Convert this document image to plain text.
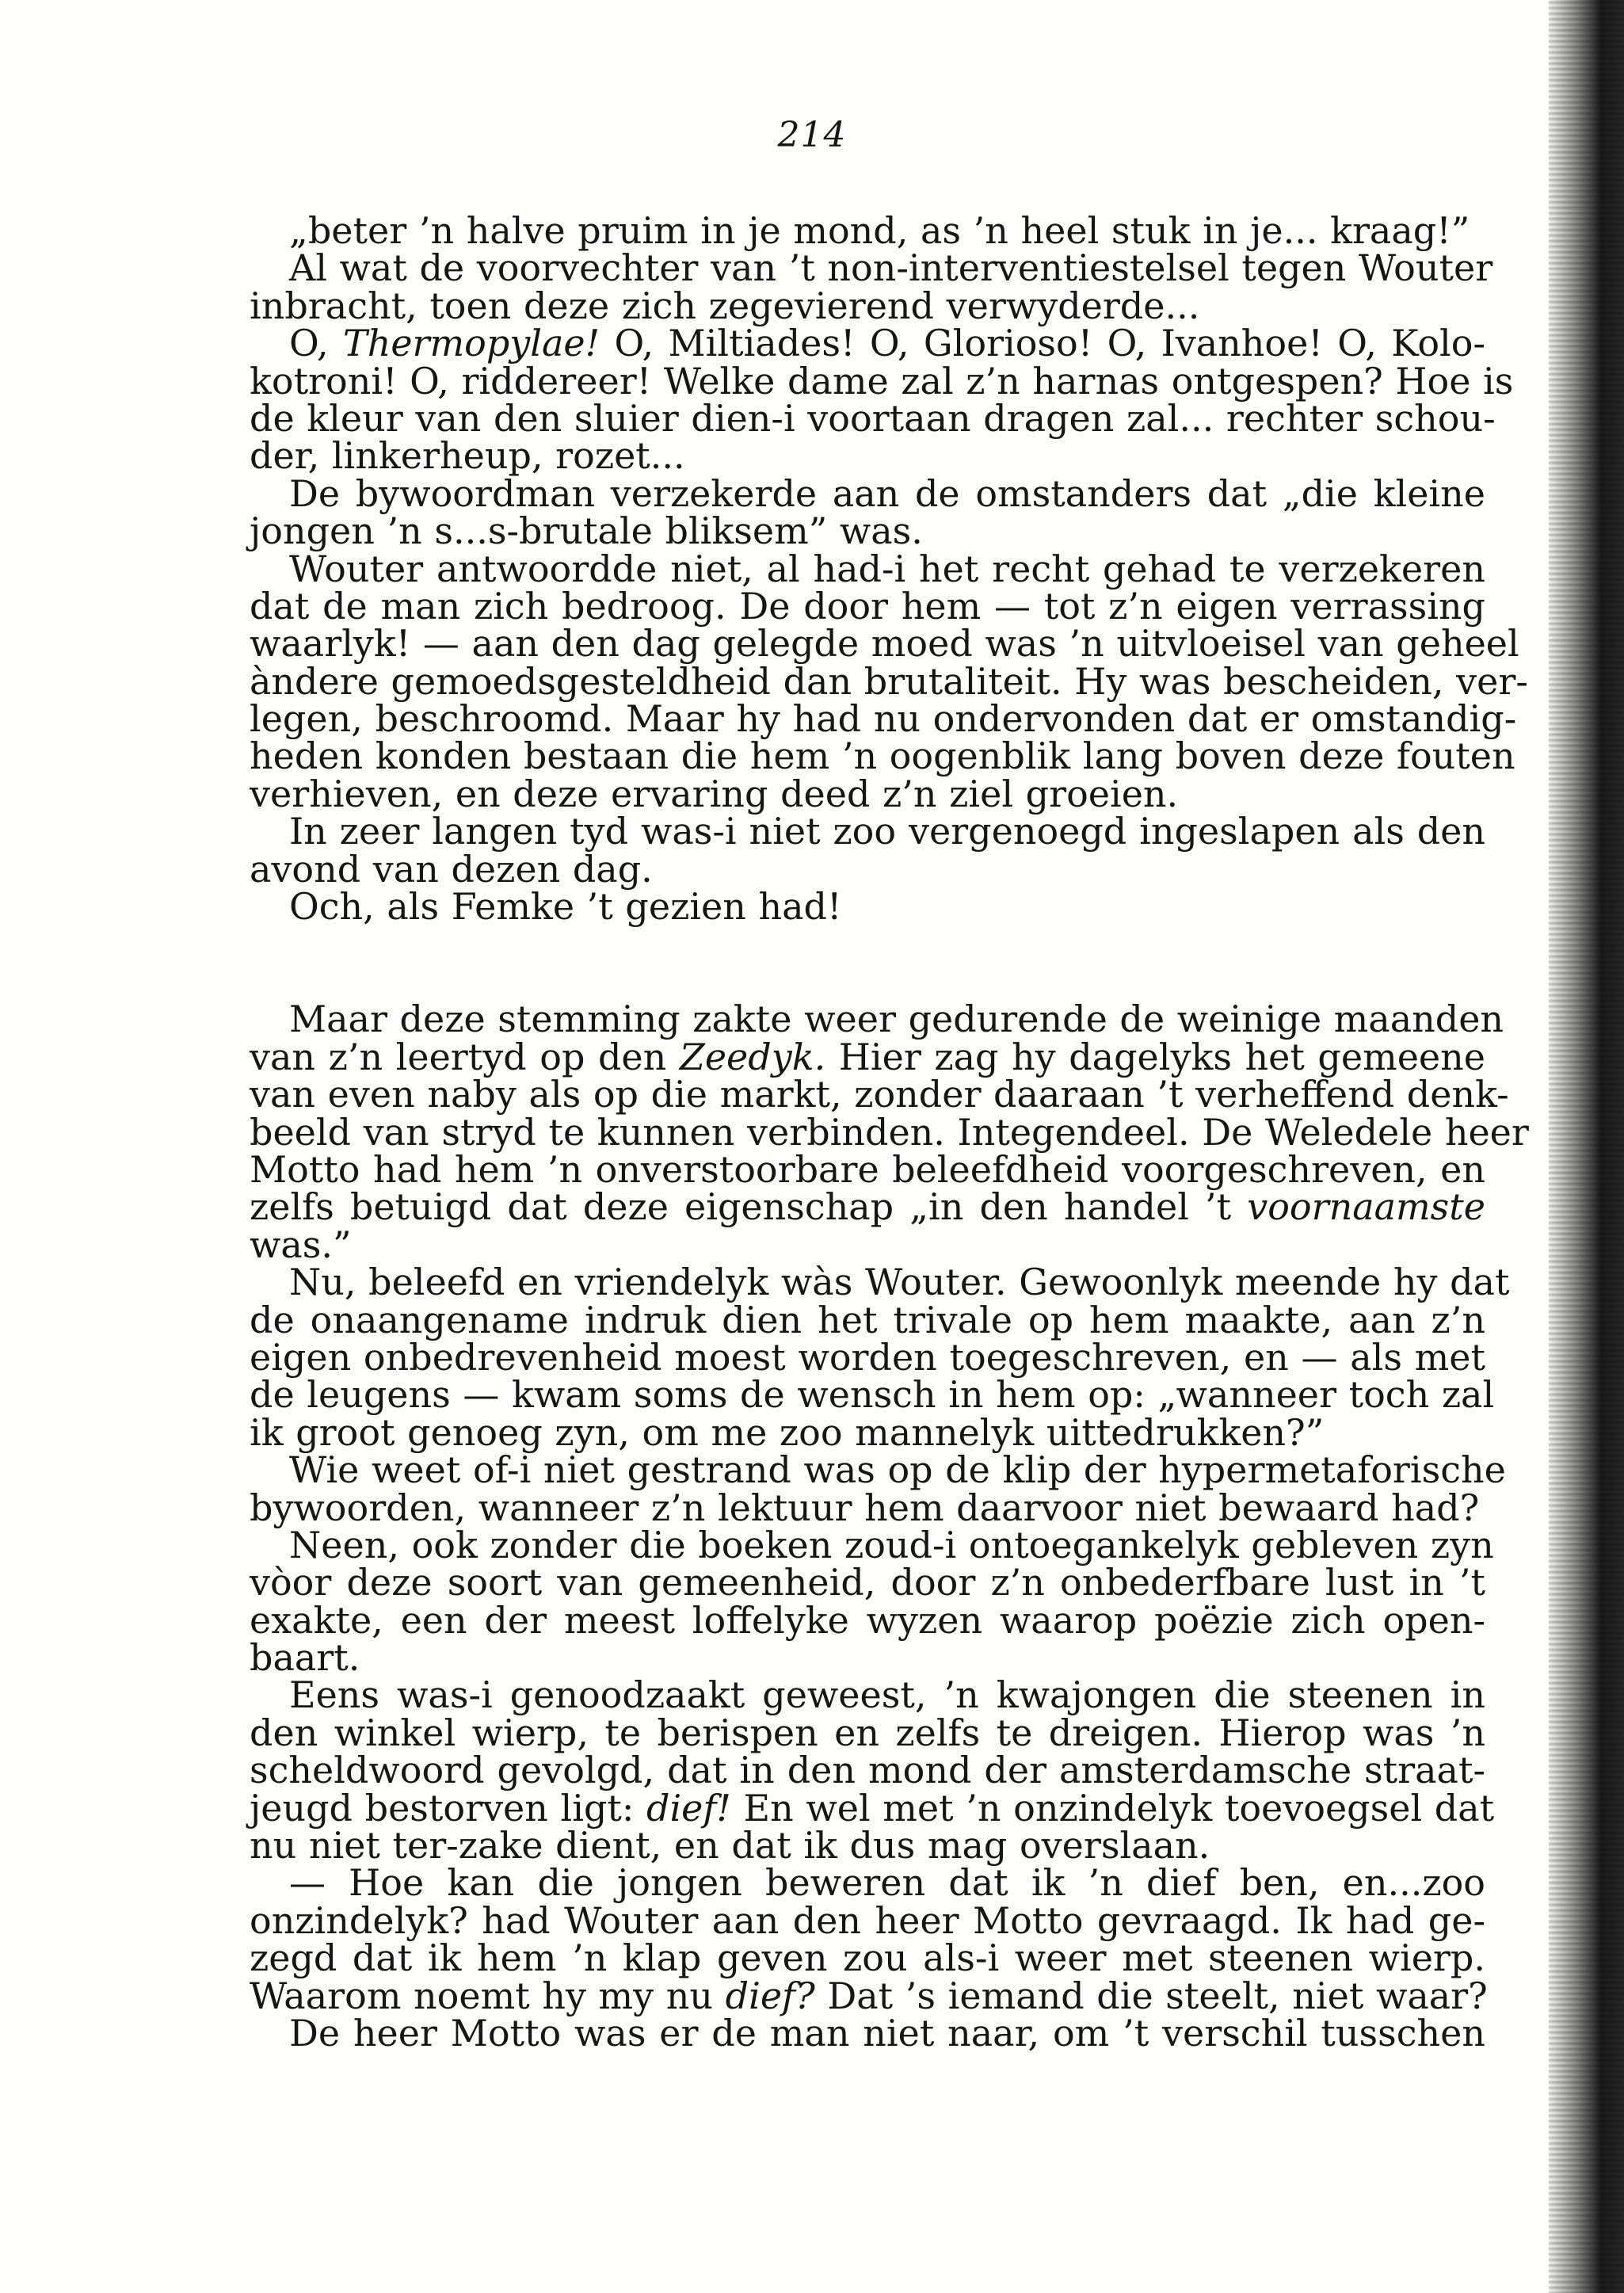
214
„beter ’n halve pruim in je mond, as ’n heel stuk in je... kraag!”
Al wat de voorvechter van ’t non-interventiestelsel tegen Wouter
inbracht, toen deze zich zegevierend verwyderde...
O, Thermopylae! O, Miltiades! O, Glorioso! O, Ivanhoe! O, Kolo-
kotroni! O, riddereer! Welke dame zal z’n harnas ontgespen? Hoe is
de kleur van den sluier dien-i voortaan dragen zal... rechter schou-
der, linkerheup, rozet...
De bywoordman verzekerde aan de omstanders dat „die kleine
jongen ’n s...s-brutale bliksem” was.
Wouter antwoordde niet, al had-i het recht gehad te verzekeren
dat de man zich bedroog. De door hem — tot z’n eigen verrassing
waarlyk! — aan den dag gelegde moed was ’n uitvloeisel van geheel
àndere gemoedsgesteldheid dan brutaliteit. Hy was bescheiden, ver-
legen, beschroomd. Maar hy had nu ondervonden dat er omstandig-
heden konden bestaan die hem ’n oogenblik lang boven deze fouten
verhieven, en deze ervaring deed z’n ziel groeien.
In zeer langen tyd was-i niet zoo vergenoegd ingeslapen als den
avond van dezen dag.
Och, als Femke ’t gezien had!
Maar deze stemming zakte weer gedurende de weinige maanden
van z’n leertyd op den Zeedyk. Hier zag hy dagelyks het gemeene
van even naby als op die markt, zonder daaraan ’t verheffend denk-
beeld van stryd te kunnen verbinden. Integendeel. De Weledele heer
Motto had hem ’n onverstoorbare beleefdheid voorgeschreven, en
zelfs betuigd dat deze eigenschap „in den handel ’t voornaamste
was.”
Nu, beleefd en vriendelyk wàs Wouter. Gewoonlyk meende hy dat
de onaangename indruk dien het trivale op hem maakte, aan z’n
eigen onbedrevenheid moest worden toegeschreven, en — als met
de leugens — kwam soms de wensch in hem op: „wanneer toch zal
ik groot genoeg zyn, om me zoo mannelyk uittedrukken?”
Wie weet of-i niet gestrand was op de klip der hypermetaforische
bywoorden, wanneer z’n lektuur hem daarvoor niet bewaard had?
Neen, ook zonder die boeken zoud-i ontoegankelyk gebleven zyn
vòor deze soort van gemeenheid, door z’n onbederfbare lust in ’t
exakte, een der meest loffelyke wyzen waarop poëzie zich open-
baart.
Eens was-i genoodzaakt geweest, ’n kwajongen die steenen in
den winkel wierp, te berispen en zelfs te dreigen. Hierop was ’n
scheldwoord gevolgd, dat in den mond der amsterdamsche straat-
jeugd bestorven ligt: dief! En wel met ’n onzindelyk toevoegsel dat
nu niet ter-zake dient, en dat ik dus mag overslaan.
— Hoe kan die jongen beweren dat ik ’n dief ben, en...zoo
onzindelyk? had Wouter aan den heer Motto gevraagd. Ik had ge-
zegd dat ik hem ’n klap geven zou als-i weer met steenen wierp.
Waarom noemt hy my nu dief? Dat ’s iemand die steelt, niet waar?
De heer Motto was er de man niet naar, om ’t verschil tusschen
